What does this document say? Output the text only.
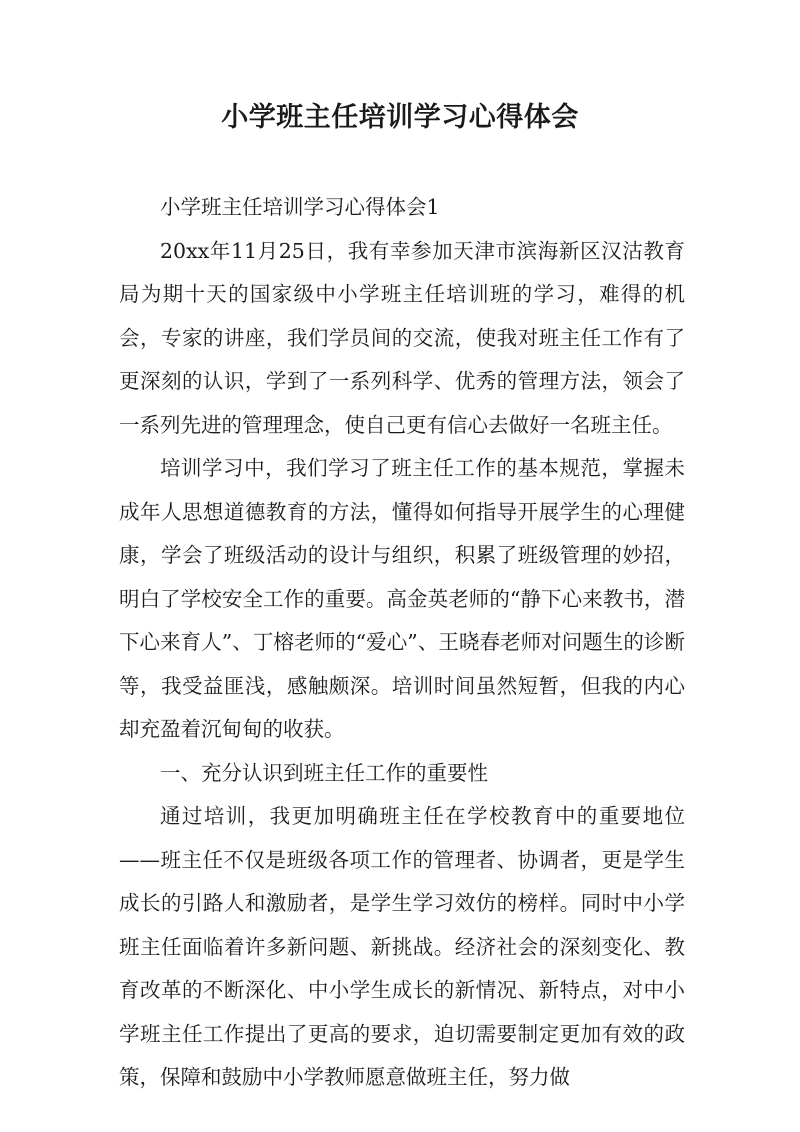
小学班主任培训学习心得体会

小学班主任培训学习心得体会1

20xx年11月25日，我有幸参加天津市滨海新区汉沽教育局为期十天的国家级中小学班主任培训班的学习，难得的机会，专家的讲座，我们学员间的交流，使我对班主任工作有了更深刻的认识，学到了一系列科学、优秀的管理方法，领会了一系列先进的管理理念，使自己更有信心去做好一名班主任。

培训学习中，我们学习了班主任工作的基本规范，掌握未成年人思想道德教育的方法，懂得如何指导开展学生的心理健康，学会了班级活动的设计与组织，积累了班级管理的妙招，明白了学校安全工作的重要。高金英老师的“静下心来教书，潜下心来育人”、丁榕老师的“爱心”、王晓春老师对问题生的诊断等，我受益匪浅，感触颇深。培训时间虽然短暂，但我的内心却充盈着沉甸甸的收获。

一、充分认识到班主任工作的重要性

通过培训，我更加明确班主任在学校教育中的重要地位——班主任不仅是班级各项工作的管理者、协调者，更是学生成长的引路人和激励者，是学生学习效仿的榜样。同时中小学班主任面临着许多新问题、新挑战。经济社会的深刻变化、教育改革的不断深化、中小学生成长的新情况、新特点，对中小学班主任工作提出了更高的要求，迫切需要制定更加有效的政策，保障和鼓励中小学教师愿意做班主任，努力做
